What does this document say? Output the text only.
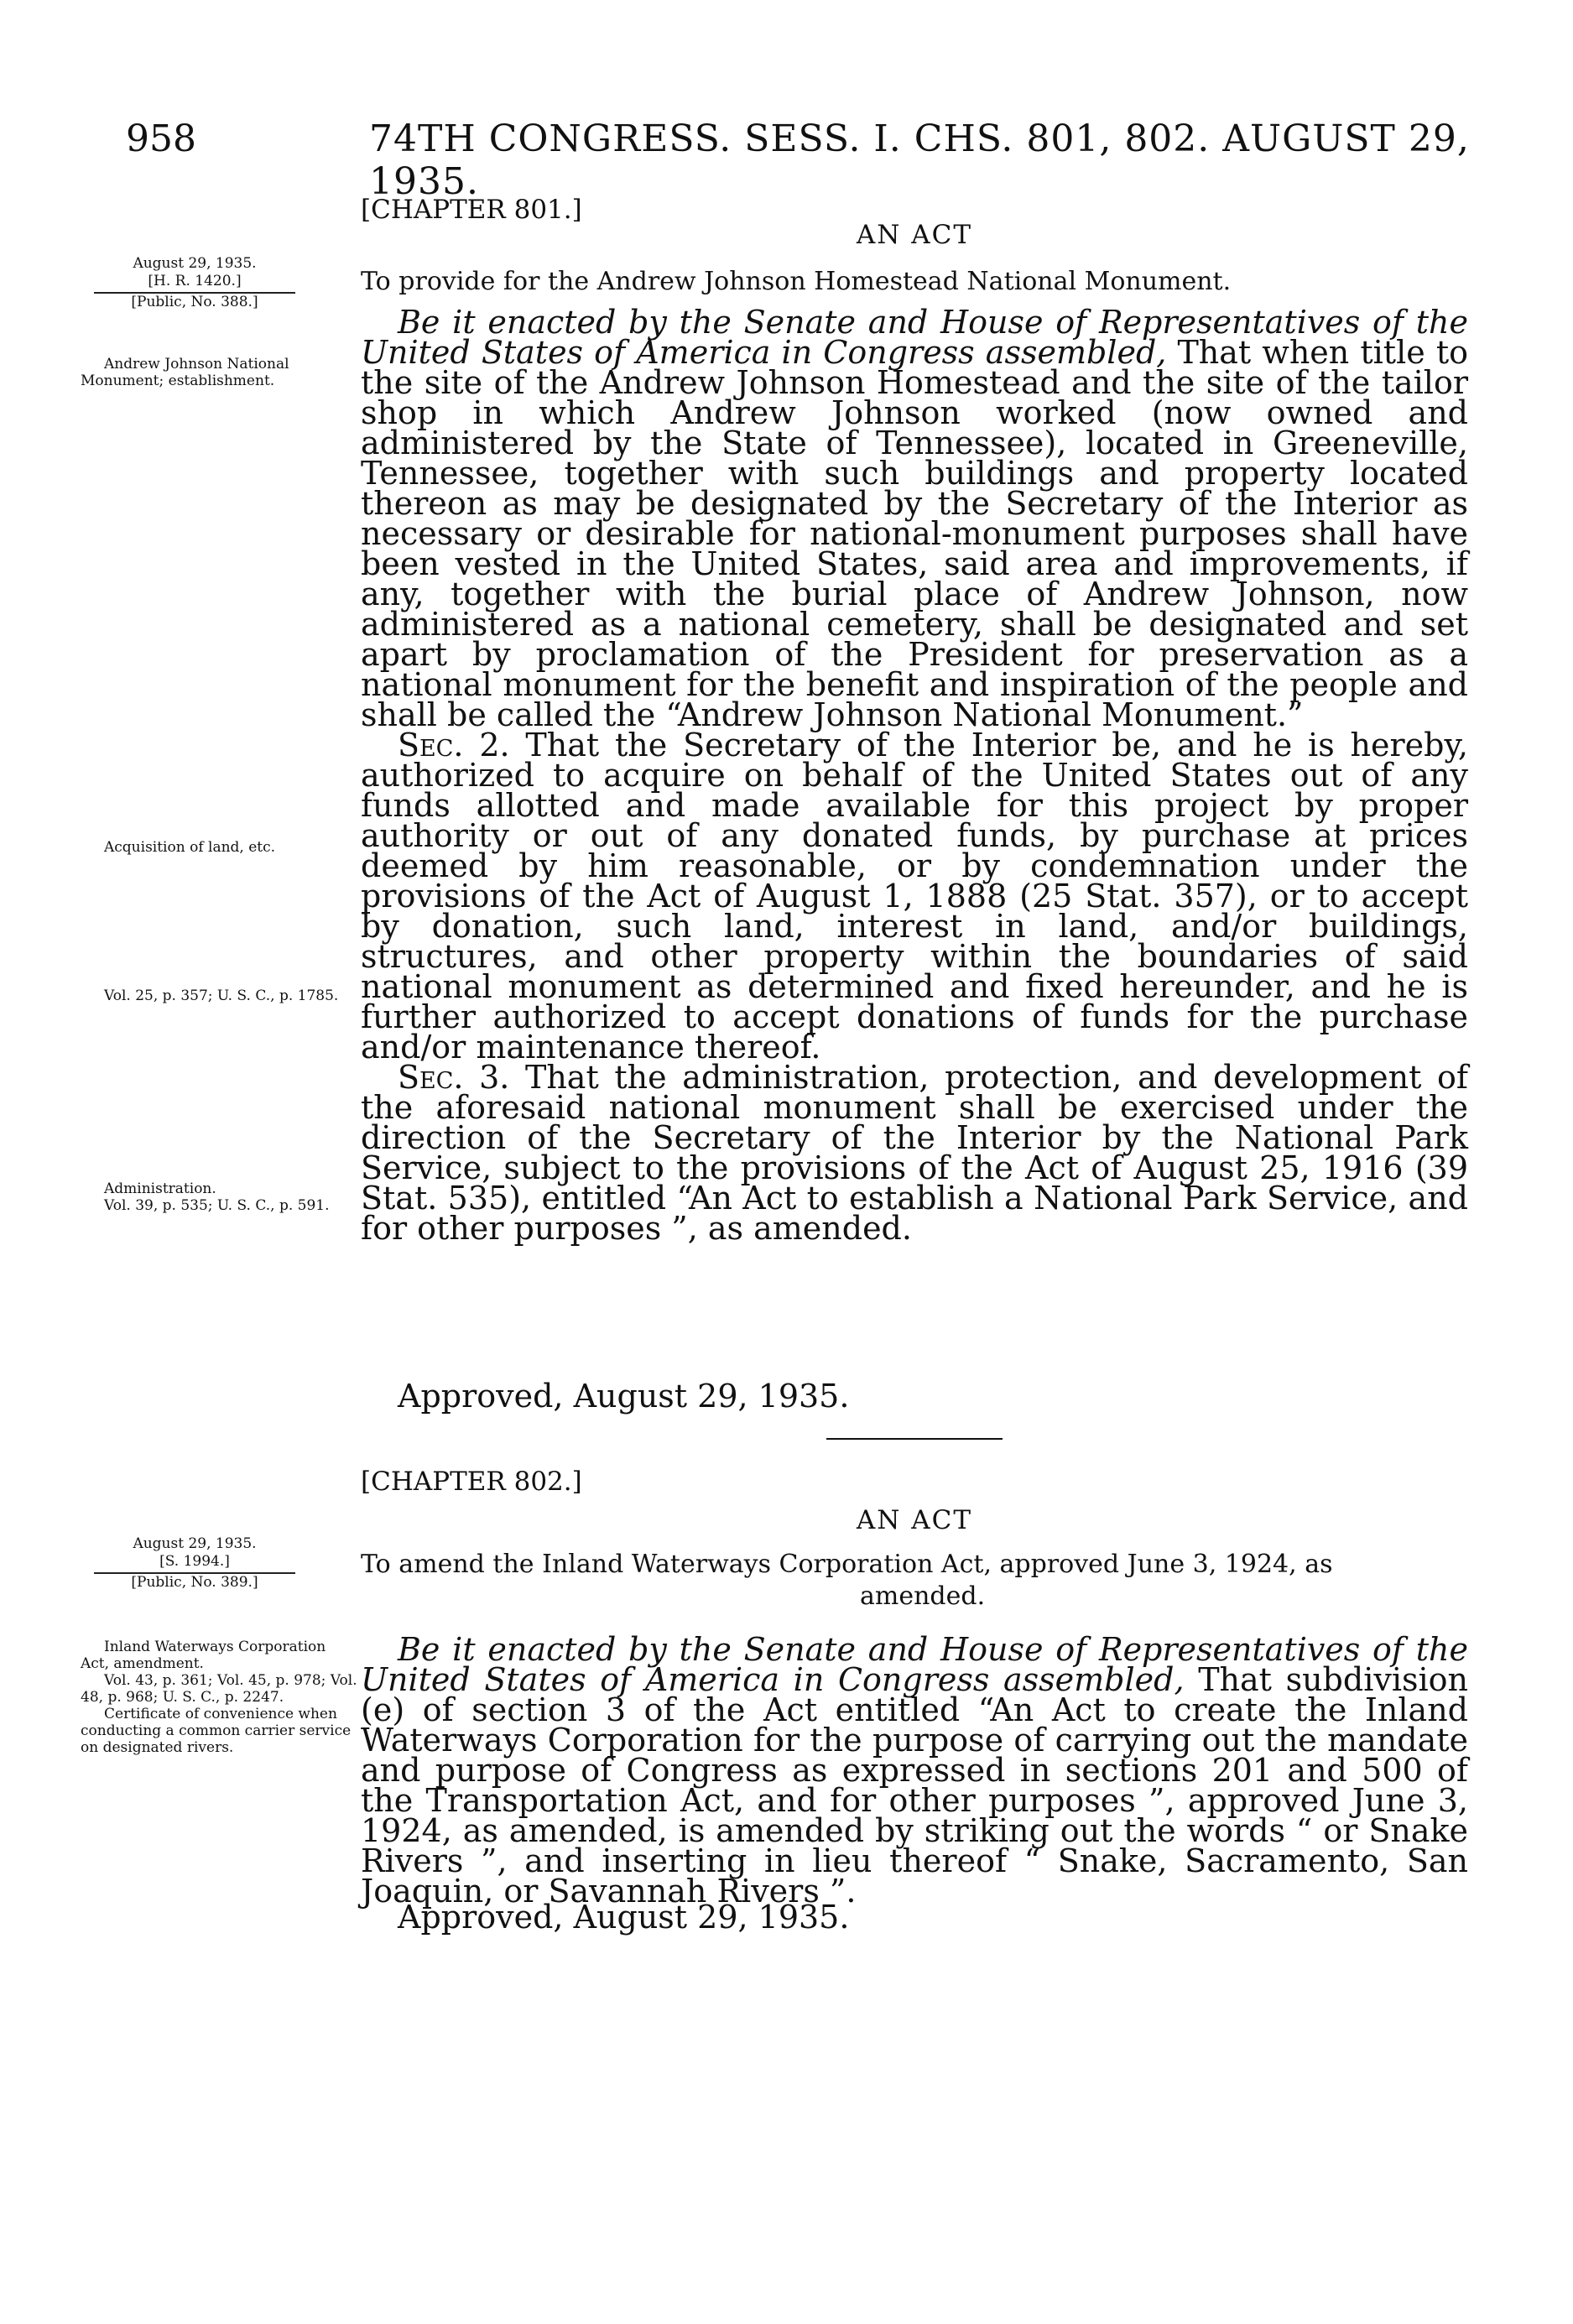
958	74TH CONGRESS. SESS. I. CHS. 801, 802. AUGUST 29, 1935.
[CHAPTER 801.]
AN ACT
To provide for the Andrew Johnson Homestead National Monument.
August 29, 1935.
[H. R. 1420.]
[Public, No. 388.]
Andrew Johnson National Monument; establishment.
Acquisition of land, etc.
Vol. 25, p. 357; U. S. C., p. 1785.
Administration.
Vol. 39, p. 535; U. S. C., p. 591.

Be it enacted by the Senate and House of Representatives of the United States of America in Congress assembled, That when title to the site of the Andrew Johnson Homestead and the site of the tailor shop in which Andrew Johnson worked (now owned and administered by the State of Tennessee), located in Greeneville, Tennessee, together with such buildings and property located thereon as may be designated by the Secretary of the Interior as necessary or desirable for national-monument purposes shall have been vested in the United States, said area and improvements, if any, together with the burial place of Andrew Johnson, now administered as a national cemetery, shall be designated and set apart by proclamation of the President for preservation as a national monument for the benefit and inspiration of the people and shall be called the “Andrew Johnson National Monument.”

Sec. 2. That the Secretary of the Interior be, and he is hereby, authorized to acquire on behalf of the United States out of any funds allotted and made available for this project by proper authority or out of any donated funds, by purchase at prices deemed by him reasonable, or by condemnation under the provisions of the Act of August 1, 1888 (25 Stat. 357), or to accept by donation, such land, interest in land, and/or buildings, structures, and other property within the boundaries of said national monument as determined and fixed hereunder, and he is further authorized to accept donations of funds for the purchase and/or maintenance thereof.

Sec. 3. That the administration, protection, and development of the aforesaid national monument shall be exercised under the direction of the Secretary of the Interior by the National Park Service, subject to the provisions of the Act of August 25, 1916 (39 Stat. 535), entitled “An Act to establish a National Park Service, and for other purposes ”, as amended.

Approved, August 29, 1935.
[CHAPTER 802.]
AN ACT
To amend the Inland Waterways Corporation Act, approved June 3, 1924, as
amended.
August 29, 1935.
[S. 1994.]
[Public, No. 389.]
Inland Waterways Corporation Act, amendment.
Vol. 43, p. 361; Vol. 45, p. 978; Vol. 48, p. 968; U. S. C., p. 2247.
Certificate of convenience when conducting a common carrier service on designated rivers.

Be it enacted by the Senate and House of Representatives of the United States of America in Congress assembled, That subdivision (e) of section 3 of the Act entitled “An Act to create the Inland Waterways Corporation for the purpose of carrying out the mandate and purpose of Congress as expressed in sections 201 and 500 of the Transportation Act, and for other purposes ”, approved June 3, 1924, as amended, is amended by striking out the words “ or Snake Rivers ”, and inserting in lieu thereof “ Snake, Sacramento, San Joaquin, or Savannah Rivers ”.

Approved, August 29, 1935.
